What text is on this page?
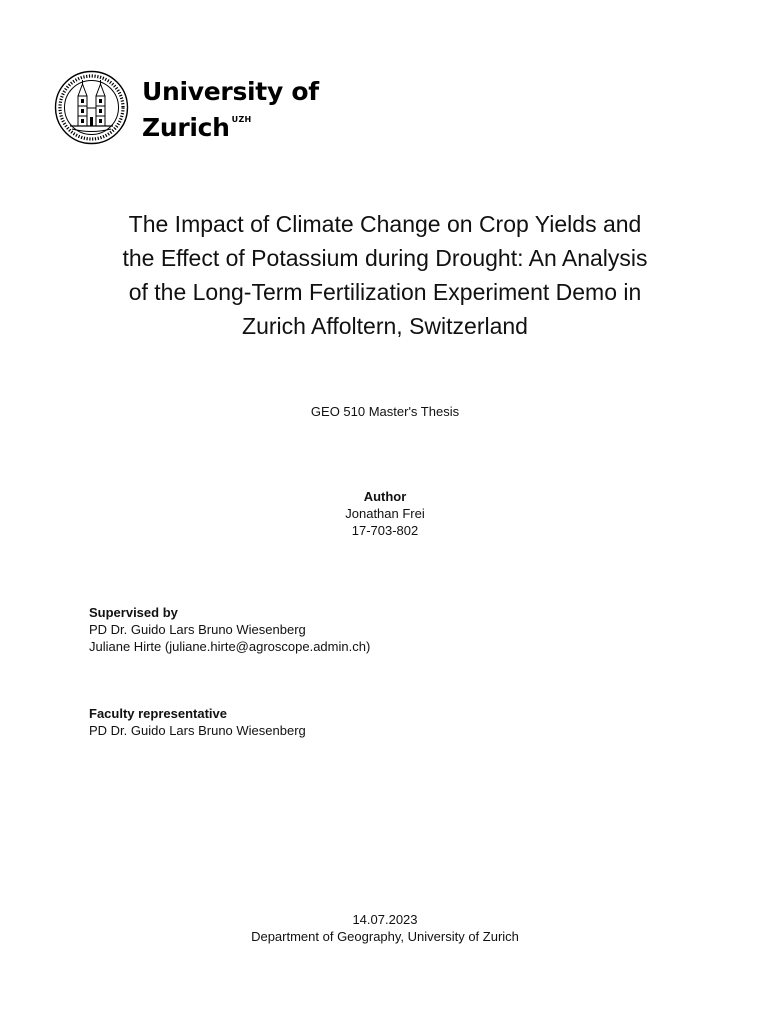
University of
Zurich $^{UZH}$
The Impact of Climate Change on Crop Yields and
the Effect of Potassium during Drought: An Analysis
of the Long-Term Fertilization Experiment Demo in
Zurich Affoltern, Switzerland
GEO 510 Master's Thesis
Author
Jonathan Frei
17-703-802
Supervised by
PD Dr. Guido Lars Bruno Wiesenberg
Juliane Hirte (juliane.hirte@agroscope.admin.ch)
Faculty representative
PD Dr. Guido Lars Bruno Wiesenberg
14.07.2023
Department of Geography, University of Zurich
